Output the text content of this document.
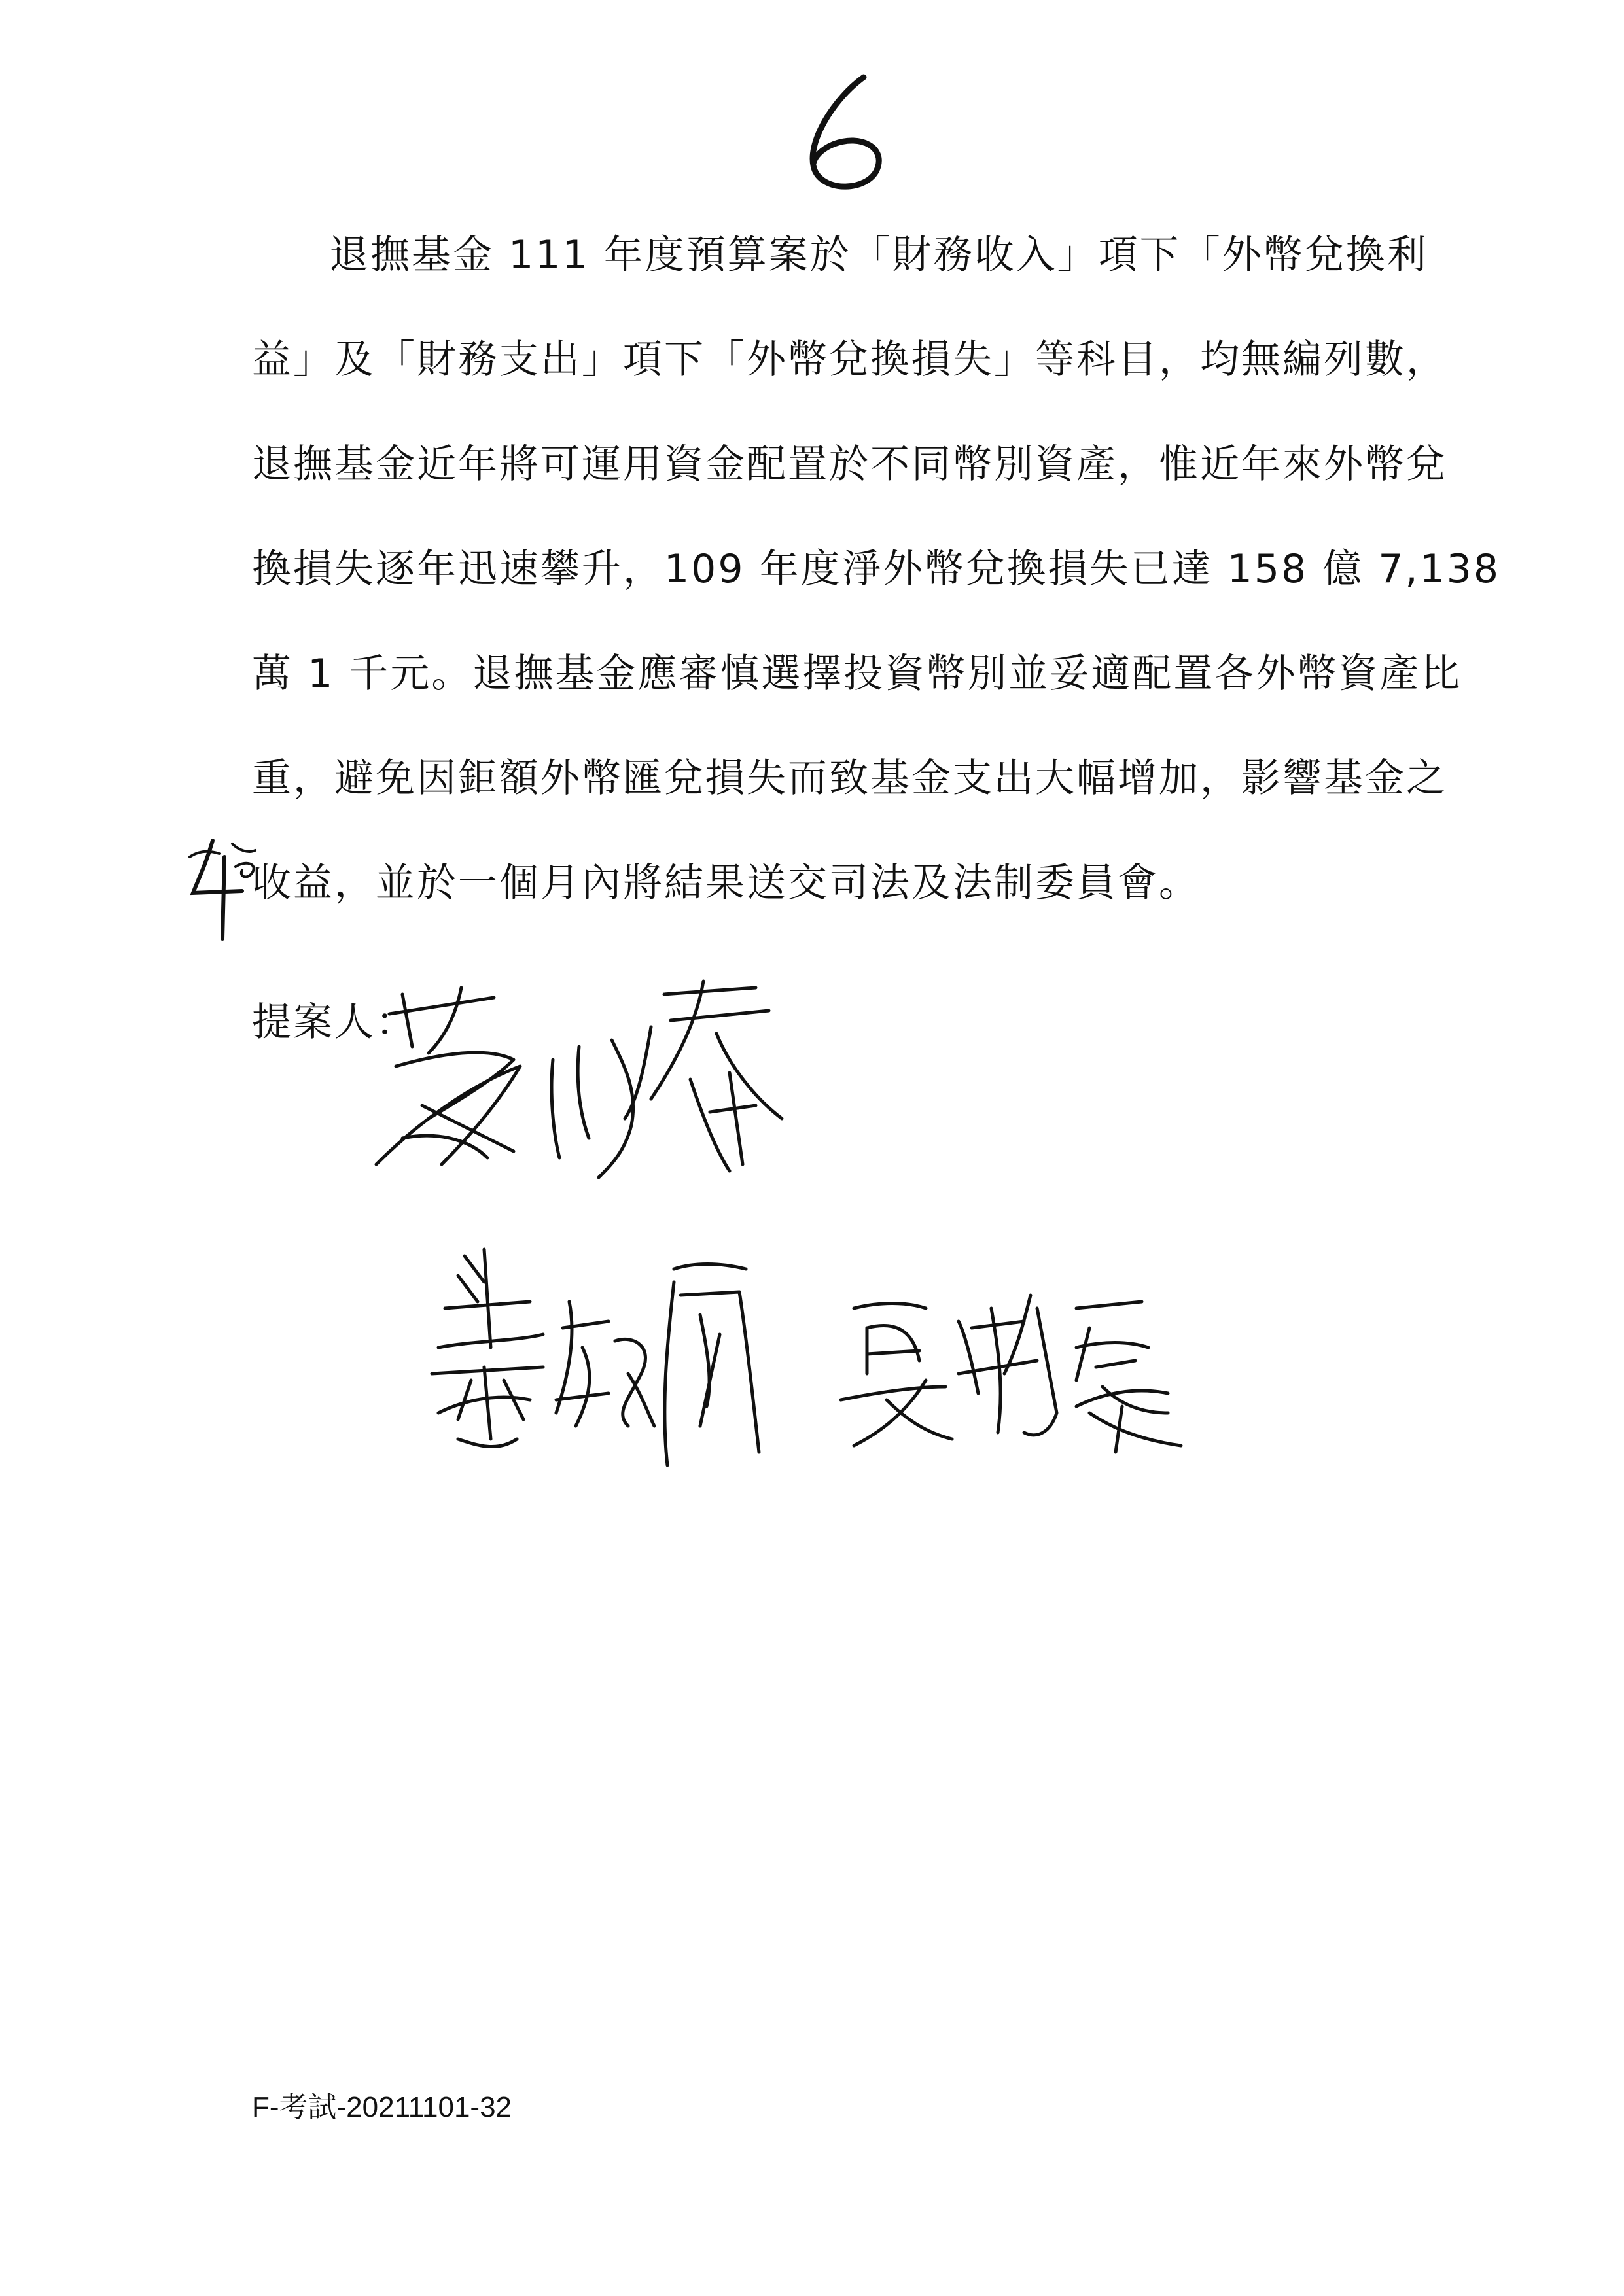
退撫基金 111 年度預算案於「財務收入」項下「外幣兌換利
益」及「財務支出」項下「外幣兌換損失」等科目，均無編列數，
退撫基金近年將可運用資金配置於不同幣別資產，惟近年來外幣兌
換損失逐年迅速攀升，109 年度淨外幣兌換損失已達 158 億 7,138
萬 1 千元。退撫基金應審慎選擇投資幣別並妥適配置各外幣資產比
重，避免因鉅額外幣匯兌損失而致基金支出大幅增加，影響基金之
收益，並於一個月內將結果送交司法及法制委員會。
提案人：
F-考試-20211101-32
